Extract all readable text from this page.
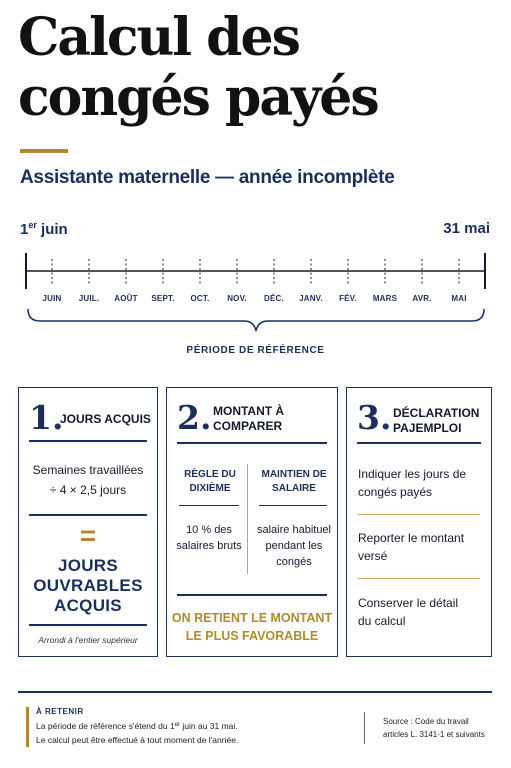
Calcul des
congés payés
Assistante maternelle — année incomplète
1er juin	31 mai
JUIN	JUIL.	AOÛT	SEPT.	OCT.	NOV.	DÉC.	JANV.	FÉV.	MARS	AVR.	MAI
PÉRIODE DE RÉFÉRENCE
1.
JOURS ACQUIS
Semaines travaillées
÷ 4 × 2,5 jours
=
JOURS
OUVRABLES
ACQUIS
Arrondi à l'entier supérieur
2. MONTANT À
COMPARER
RÈGLE DU
DIXIÈME
MAINTIEN DE
SALAIRE
10 % des
salaires bruts
salaire habituel
pendant les
congés
ON RETIENT LE MONTANT
LE PLUS FAVORABLE
3. DÉCLARATION
PAJEMPLOI
Indiquer les jours de
congés payés
Reporter le montant
versé
Conserver le détail
du calcul
À RETENIR
La période de référence s'étend du 1er juin au 31 mai.
Le calcul peut être effectué à tout moment de l'année.
Source : Code du travail
articles L. 3141-1 et suivants
